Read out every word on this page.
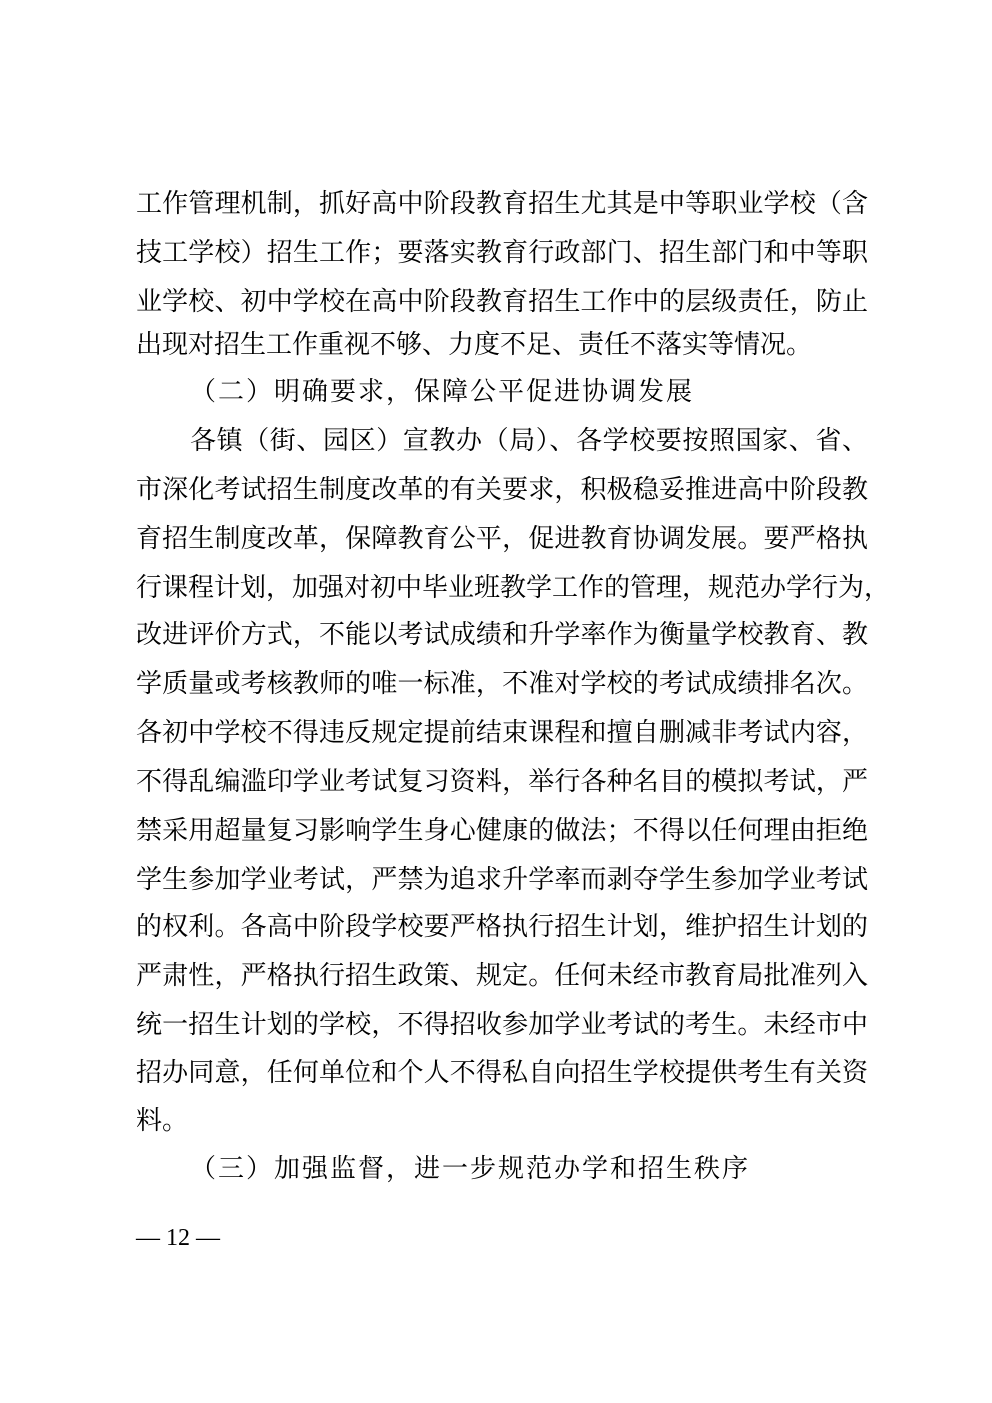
工作管理机制，抓好高中阶段教育招生尤其是中等职业学校（含
技工学校）招生工作；要落实教育行政部门、招生部门和中等职
业学校、初中学校在高中阶段教育招生工作中的层级责任，防止
出现对招生工作重视不够、力度不足、责任不落实等情况。
（二）明确要求，保障公平促进协调发展
各镇（街、园区）宣教办（局）、各学校要按照国家、省、
市深化考试招生制度改革的有关要求，积极稳妥推进高中阶段教
育招生制度改革，保障教育公平，促进教育协调发展。要严格执
行课程计划，加强对初中毕业班教学工作的管理，规范办学行为，
改进评价方式，不能以考试成绩和升学率作为衡量学校教育、教
学质量或考核教师的唯一标准，不准对学校的考试成绩排名次。
各初中学校不得违反规定提前结束课程和擅自删减非考试内容，
不得乱编滥印学业考试复习资料，举行各种名目的模拟考试，严
禁采用超量复习影响学生身心健康的做法；不得以任何理由拒绝
学生参加学业考试，严禁为追求升学率而剥夺学生参加学业考试
的权利。各高中阶段学校要严格执行招生计划，维护招生计划的
严肃性，严格执行招生政策、规定。任何未经市教育局批准列入
统一招生计划的学校，不得招收参加学业考试的考生。未经市中
招办同意，任何单位和个人不得私自向招生学校提供考生有关资
料。
（三）加强监督，进一步规范办学和招生秩序
— 12 —
